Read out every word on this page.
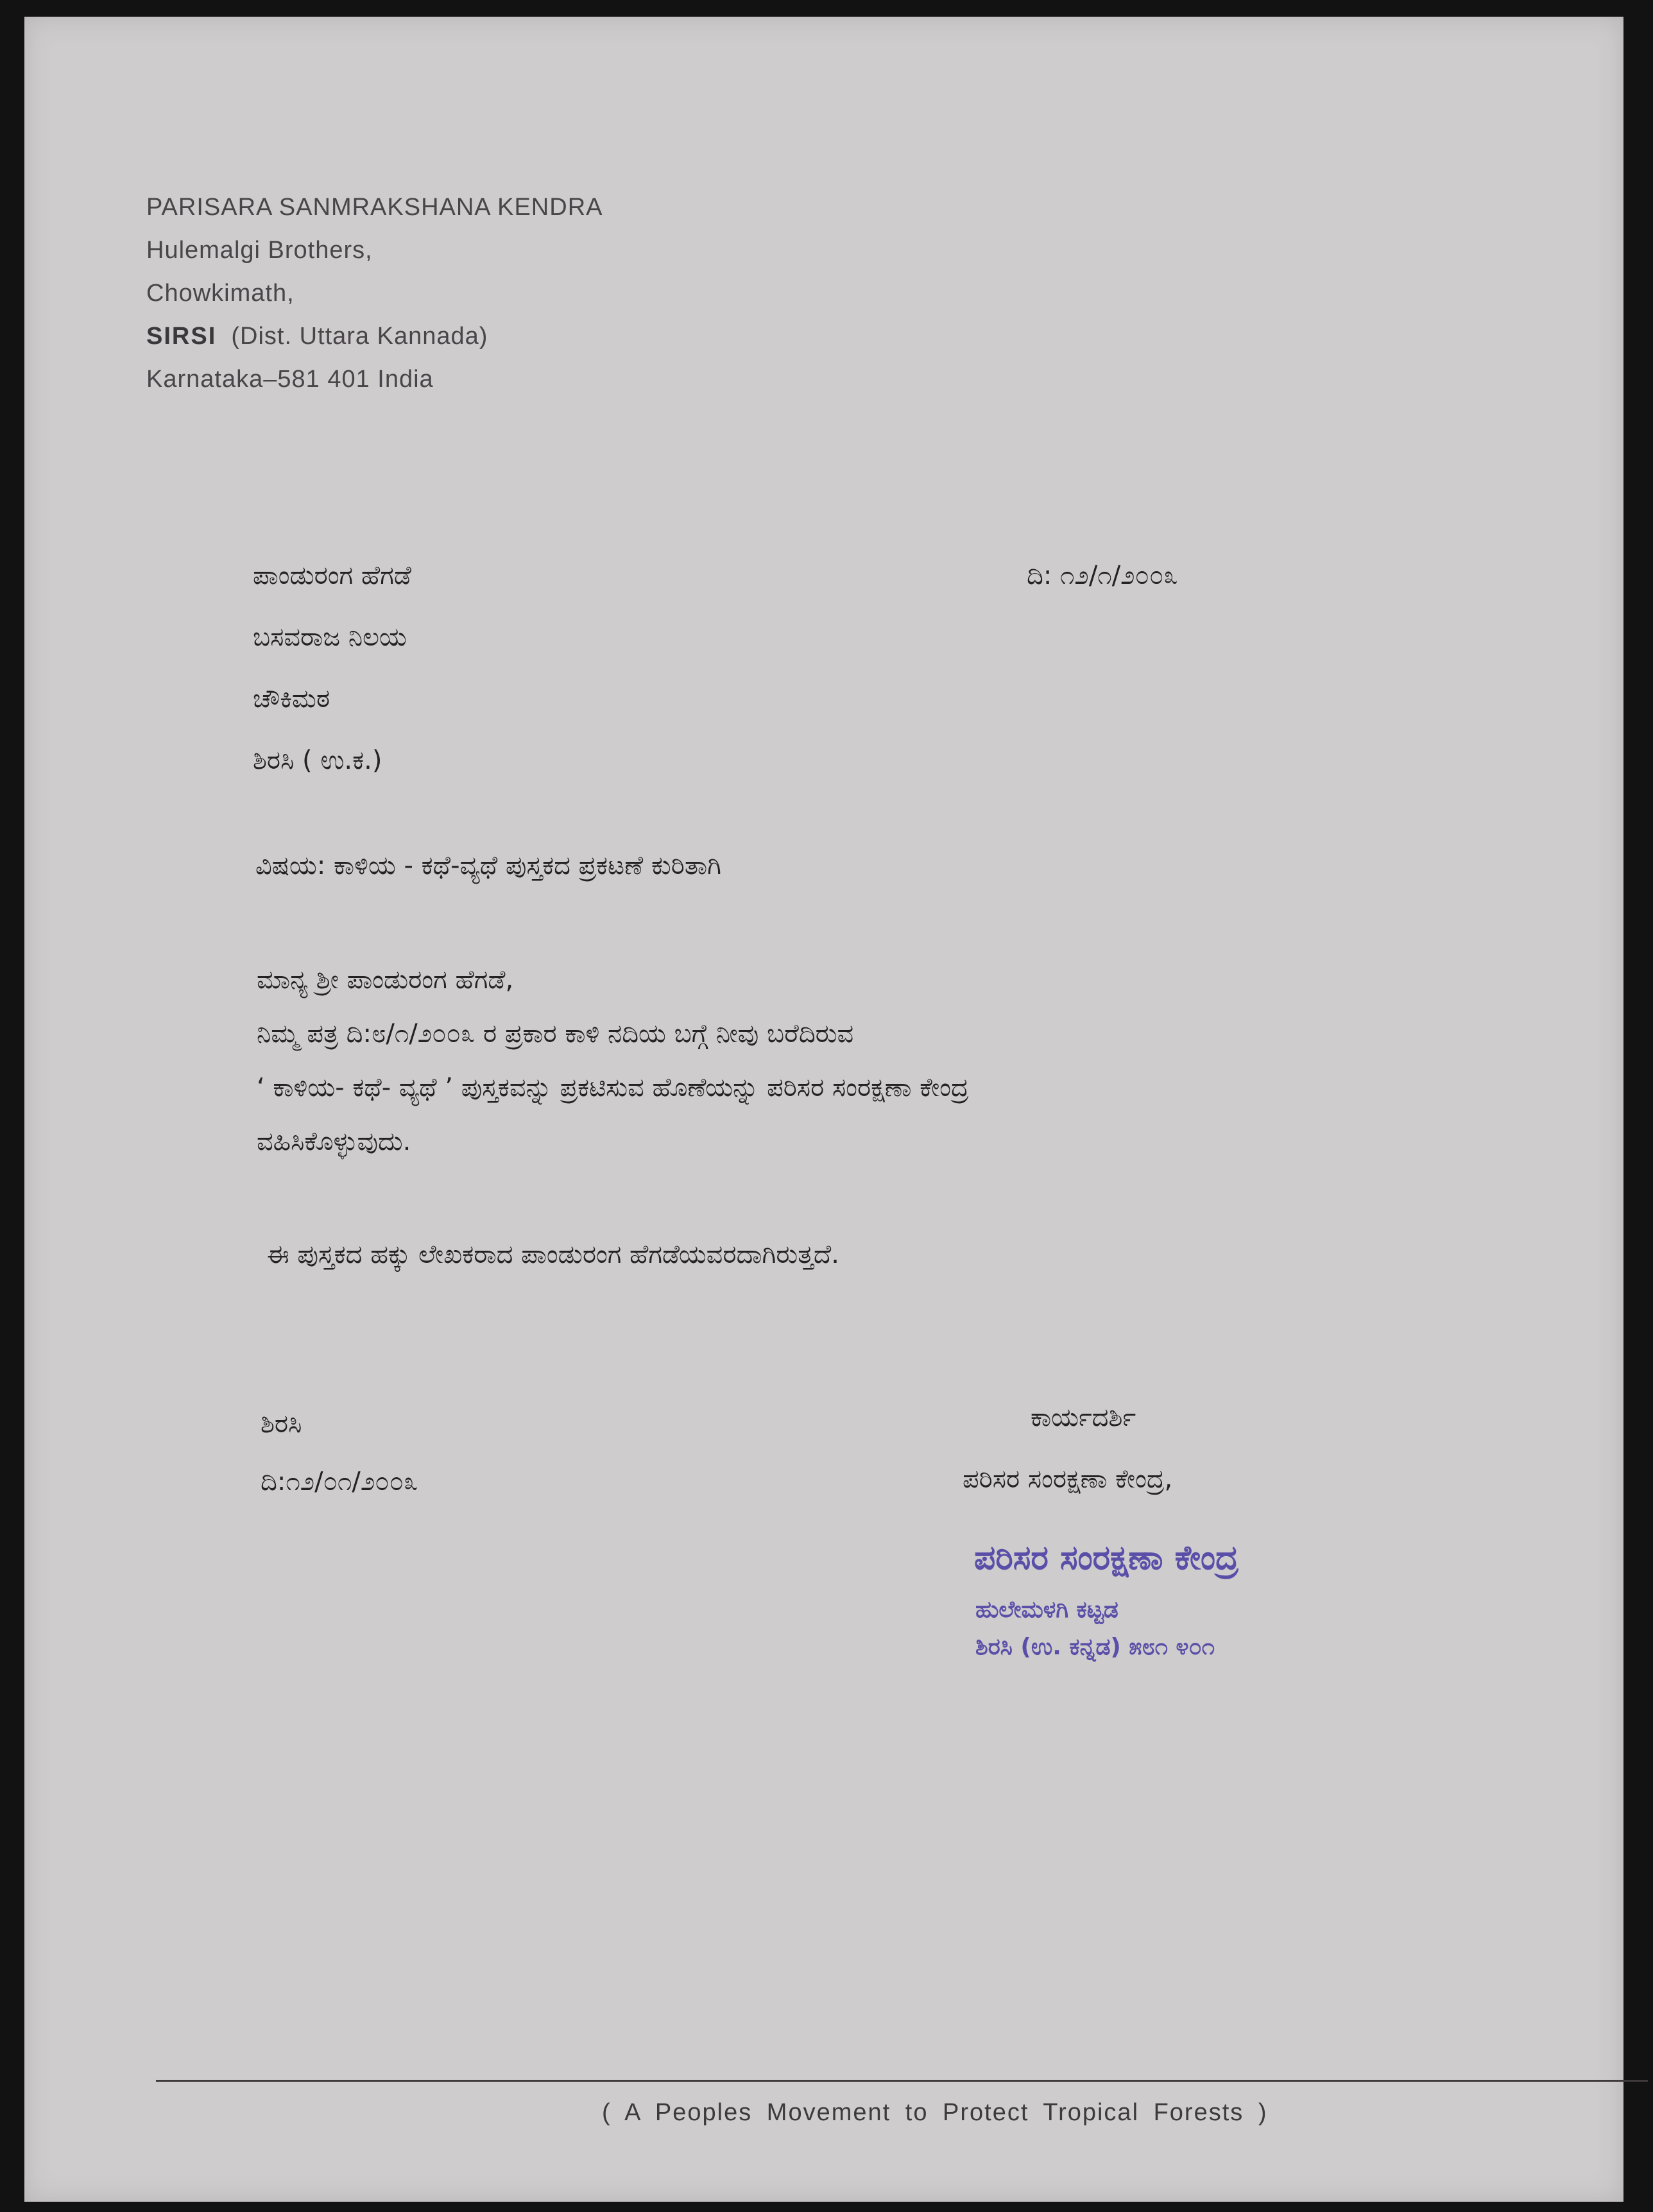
PARISARA SANMRAKSHANA KENDRA
Hulemalgi Brothers,
Chowkimath,
SIRSI (Dist. Uttara Kannada)
Karnataka–581 401 India
ಪಾಂಡುರಂಗ ಹೆಗಡೆ
ಬಸವರಾಜ ನಿಲಯ
ಚೌಕಿಮಠ
ಶಿರಸಿ ( ಉ.ಕ.)
ದಿ: ೧೨/೧/೨೦೦೩
ವಿಷಯ: ಕಾಳಿಯ - ಕಥೆ-ವ್ಯಥೆ ಪುಸ್ತಕದ ಪ್ರಕಟಣೆ ಕುರಿತಾಗಿ
ಮಾನ್ಯ ಶ್ರೀ ಪಾಂಡುರಂಗ ಹೆಗಡೆ,
ನಿಮ್ಮ ಪತ್ರ ದಿ:೮/೧/೨೦೦೩ ರ ಪ್ರಕಾರ ಕಾಳಿ ನದಿಯ ಬಗ್ಗೆ ನೀವು ಬರೆದಿರುವ
‘ ಕಾಳಿಯ- ಕಥೆ- ವ್ಯಥೆ ’ ಪುಸ್ತಕವನ್ನು ಪ್ರಕಟಿಸುವ ಹೊಣೆಯನ್ನು ಪರಿಸರ ಸಂರಕ್ಷಣಾ ಕೇಂದ್ರ
ವಹಿಸಿಕೊಳ್ಳುವುದು.
ಈ ಪುಸ್ತಕದ ಹಕ್ಕು ಲೇಖಕರಾದ ಪಾಂಡುರಂಗ ಹೆಗಡೆಯವರದಾಗಿರುತ್ತದೆ.
ಶಿರಸಿ
ದಿ:೧೨/೦೧/೨೦೦೩
ಕಾರ್ಯದರ್ಶಿ
ಪರಿಸರ ಸಂರಕ್ಷಣಾ ಕೇಂದ್ರ,
ಪರಿಸರ ಸಂರಕ್ಷಣಾ ಕೇಂದ್ರ
ಹುಲೇಮಳಗಿ ಕಟ್ಟಡ
ಶಿರಸಿ (ಉ. ಕನ್ನಡ) ೫೮೧ ೪೦೧
( A Peoples Movement to Protect Tropical Forests )
